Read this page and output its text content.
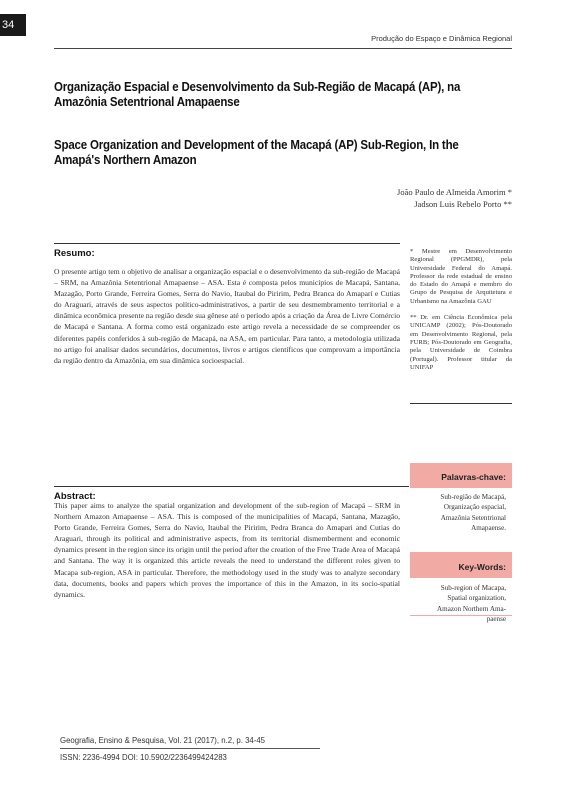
34
Produção do Espaço e Dinâmica Regional
Organização Espacial e Desenvolvimento da Sub-Região de Macapá (AP), na Amazônia Setentrional Amapaense
Space Organization and Development of the Macapá (AP) Sub-Region, In the Amapá's Northern Amazon
João Paulo de Almeida Amorim *
Jadson Luis Rebelo Porto **
Resumo:

O presente artigo tem o objetivo de analisar a organização espacial e o desenvolvimento da sub-região de Macapá – SRM, na Amazônia Setentrional Amapaense – ASA. Esta é composta pelos municípios de Macapá, Santana, Mazagão, Porto Grande, Ferreira Gomes, Serra do Navio, Itaubal do Piririm, Pedra Branca do Amaparí e Cutias do Araguari, através de seus aspectos político-administrativos, a partir de seu desmembramento territorial e a dinâmica econômica presente na região desde sua gênese até o período após a criação da Área de Livre Comércio de Macapá e Santana. A forma como está organizado este artigo revela a necessidade de se compreender os diferentes papéis conferidos à sub-região de Macapá, na ASA, em particular. Para tanto, a metodologia utilizada no artigo foi analisar dados secundários, documentos, livros e artigos científicos que comprovam a importância da região dentro da Amazônia, em sua dinâmica socioespacial.

* Mestre em Desenvolvimento Regional (PPGMDR), pela Universidade Federal do Amapá. Professor da rede estadual de ensino do Estado do Amapá e membro do Grupo de Pesquisa de Arquitetura e Urbanismo na Amazônia GAU

** Dr. em Ciência Econômica pela UNICAMP (2002); Pós-Doutorado em Desenvolvimento Regional, pela FURB; Pós-Doutorado em Geografia, pela Universidade de Coimbra (Portugal). Professor titular da UNIFAP

Abstract:

This paper aims to analyze the spatial organization and development of the sub-region of Macapá – SRM in Northern Amazon Amapaense – ASA. This is composed of the municipalities of Macapá, Santana, Mazagão, Porto Grande, Ferreira Gomes, Serra do Navio, Itaubal the Piririm, Pedra Branca do Amapari and Cutias do Araguari, through its political and administrative aspects, from its territorial dismemberment and economic dynamics present in the region since its origin until the period after the creation of the Free Trade Area of Macapá and Santana. The way it is organized this article reveals the need to understand the different roles given to Macapa sub-region, ASA in particular. Therefore, the methodology used in the study was to analyze secondary data, documents, books and papers which proves the importance of this in the Amazon, in its socio-spatial dynamics.

Palavras-chave:
Sub-região de Macapá,
Organização espacial,
Amazônia Setentrional
Amapaense.
Key-Words:
Sub-region of Macapa,
Spatial organization,
Amazon Northern Ama-
paense
Geografia, Ensino & Pesquisa, Vol. 21 (2017), n.2, p. 34-45
ISSN: 2236-4994 DOI: 10.5902/2236499424283
